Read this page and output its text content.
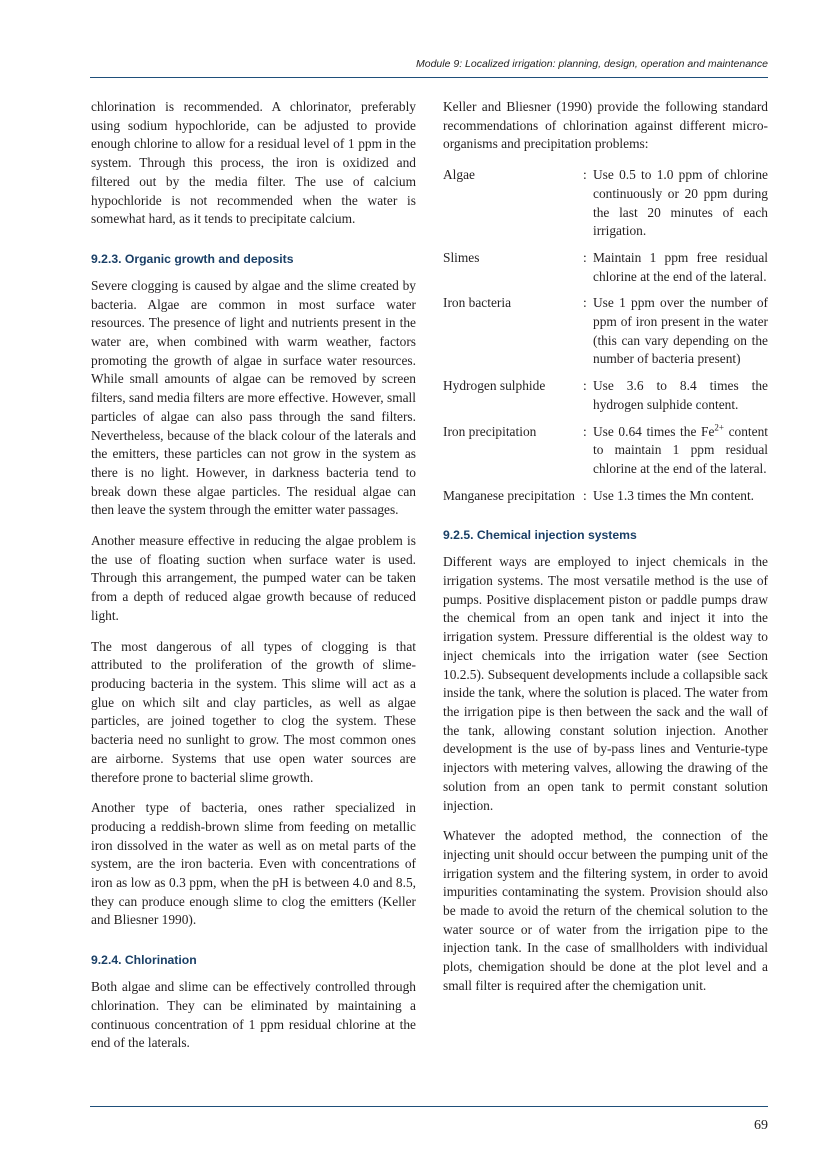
Module 9: Localized irrigation: planning, design, operation and maintenance

chlorination is recommended. A chlorinator, preferably using sodium hypochloride, can be adjusted to provide enough chlorine to allow for a residual level of 1 ppm in the system. Through this process, the iron is oxidized and filtered out by the media filter. The use of calcium hypochloride is not recommended when the water is somewhat hard, as it tends to precipitate calcium.

9.2.3. Organic growth and deposits

Severe clogging is caused by algae and the slime created by bacteria. Algae are common in most surface water resources. The presence of light and nutrients present in the water are, when combined with warm weather, factors promoting the growth of algae in surface water resources. While small amounts of algae can be removed by screen filters, sand media filters are more effective. However, small particles of algae can also pass through the sand filters. Nevertheless, because of the black colour of the laterals and the emitters, these particles can not grow in the system as there is no light. However, in darkness bacteria tend to break down these algae particles. The residual algae can then leave the system through the emitter water passages.

Another measure effective in reducing the algae problem is the use of floating suction when surface water is used. Through this arrangement, the pumped water can be taken from a depth of reduced algae growth because of reduced light.

The most dangerous of all types of clogging is that attributed to the proliferation of the growth of slime-producing bacteria in the system. This slime will act as a glue on which silt and clay particles, as well as algae particles, are joined together to clog the system. These bacteria need no sunlight to grow. The most common ones are airborne. Systems that use open water sources are therefore prone to bacterial slime growth.

Another type of bacteria, ones rather specialized in producing a reddish-brown slime from feeding on metallic iron dissolved in the water as well as on metal parts of the system, are the iron bacteria. Even with concentrations of iron as low as 0.3 ppm, when the pH is between 4.0 and 8.5, they can produce enough slime to clog the emitters (Keller and Bliesner 1990).

9.2.4. Chlorination

Both algae and slime can be effectively controlled through chlorination. They can be eliminated by maintaining a continuous concentration of 1 ppm residual chlorine at the end of the laterals.

Keller and Bliesner (1990) provide the following standard recommendations of chlorination against different micro-organisms and precipitation problems:

Algae	: Use 0.5 to 1.0 ppm of chlorine continuously or 20 ppm during the last 20 minutes of each irrigation.
Slimes	: Maintain 1 ppm free residual chlorine at the end of the lateral.
Iron bacteria	: Use 1 ppm over the number of ppm of iron present in the water (this can vary depending on the number of bacteria present)
Hydrogen sulphide	: Use 3.6 to 8.4 times the hydrogen sulphide content.
Iron precipitation	: Use 0.64 times the $Fe^{2+}$ content to maintain 1 ppm residual chlorine at the end of the lateral.
Manganese precipitation : Use 1.3 times the Mn content.
9.2.5. Chemical injection systems

Different ways are employed to inject chemicals in the irrigation systems. The most versatile method is the use of pumps. Positive displacement piston or paddle pumps draw the chemical from an open tank and inject it into the irrigation system. Pressure differential is the oldest way to inject chemicals into the irrigation water (see Section 10.2.5). Subsequent developments include a collapsible sack inside the tank, where the solution is placed. The water from the irrigation pipe is then between the sack and the wall of the tank, allowing constant solution injection. Another development is the use of by-pass lines and Venturie-type injectors with metering valves, allowing the drawing of the solution from an open tank to permit constant solution injection.

Whatever the adopted method, the connection of the injecting unit should occur between the pumping unit of the irrigation system and the filtering system, in order to avoid impurities contaminating the system. Provision should also be made to avoid the return of the chemical solution to the water source or of water from the irrigation pipe to the injection tank. In the case of smallholders with individual plots, chemigation should be done at the plot level and a small filter is required after the chemigation unit.

69
